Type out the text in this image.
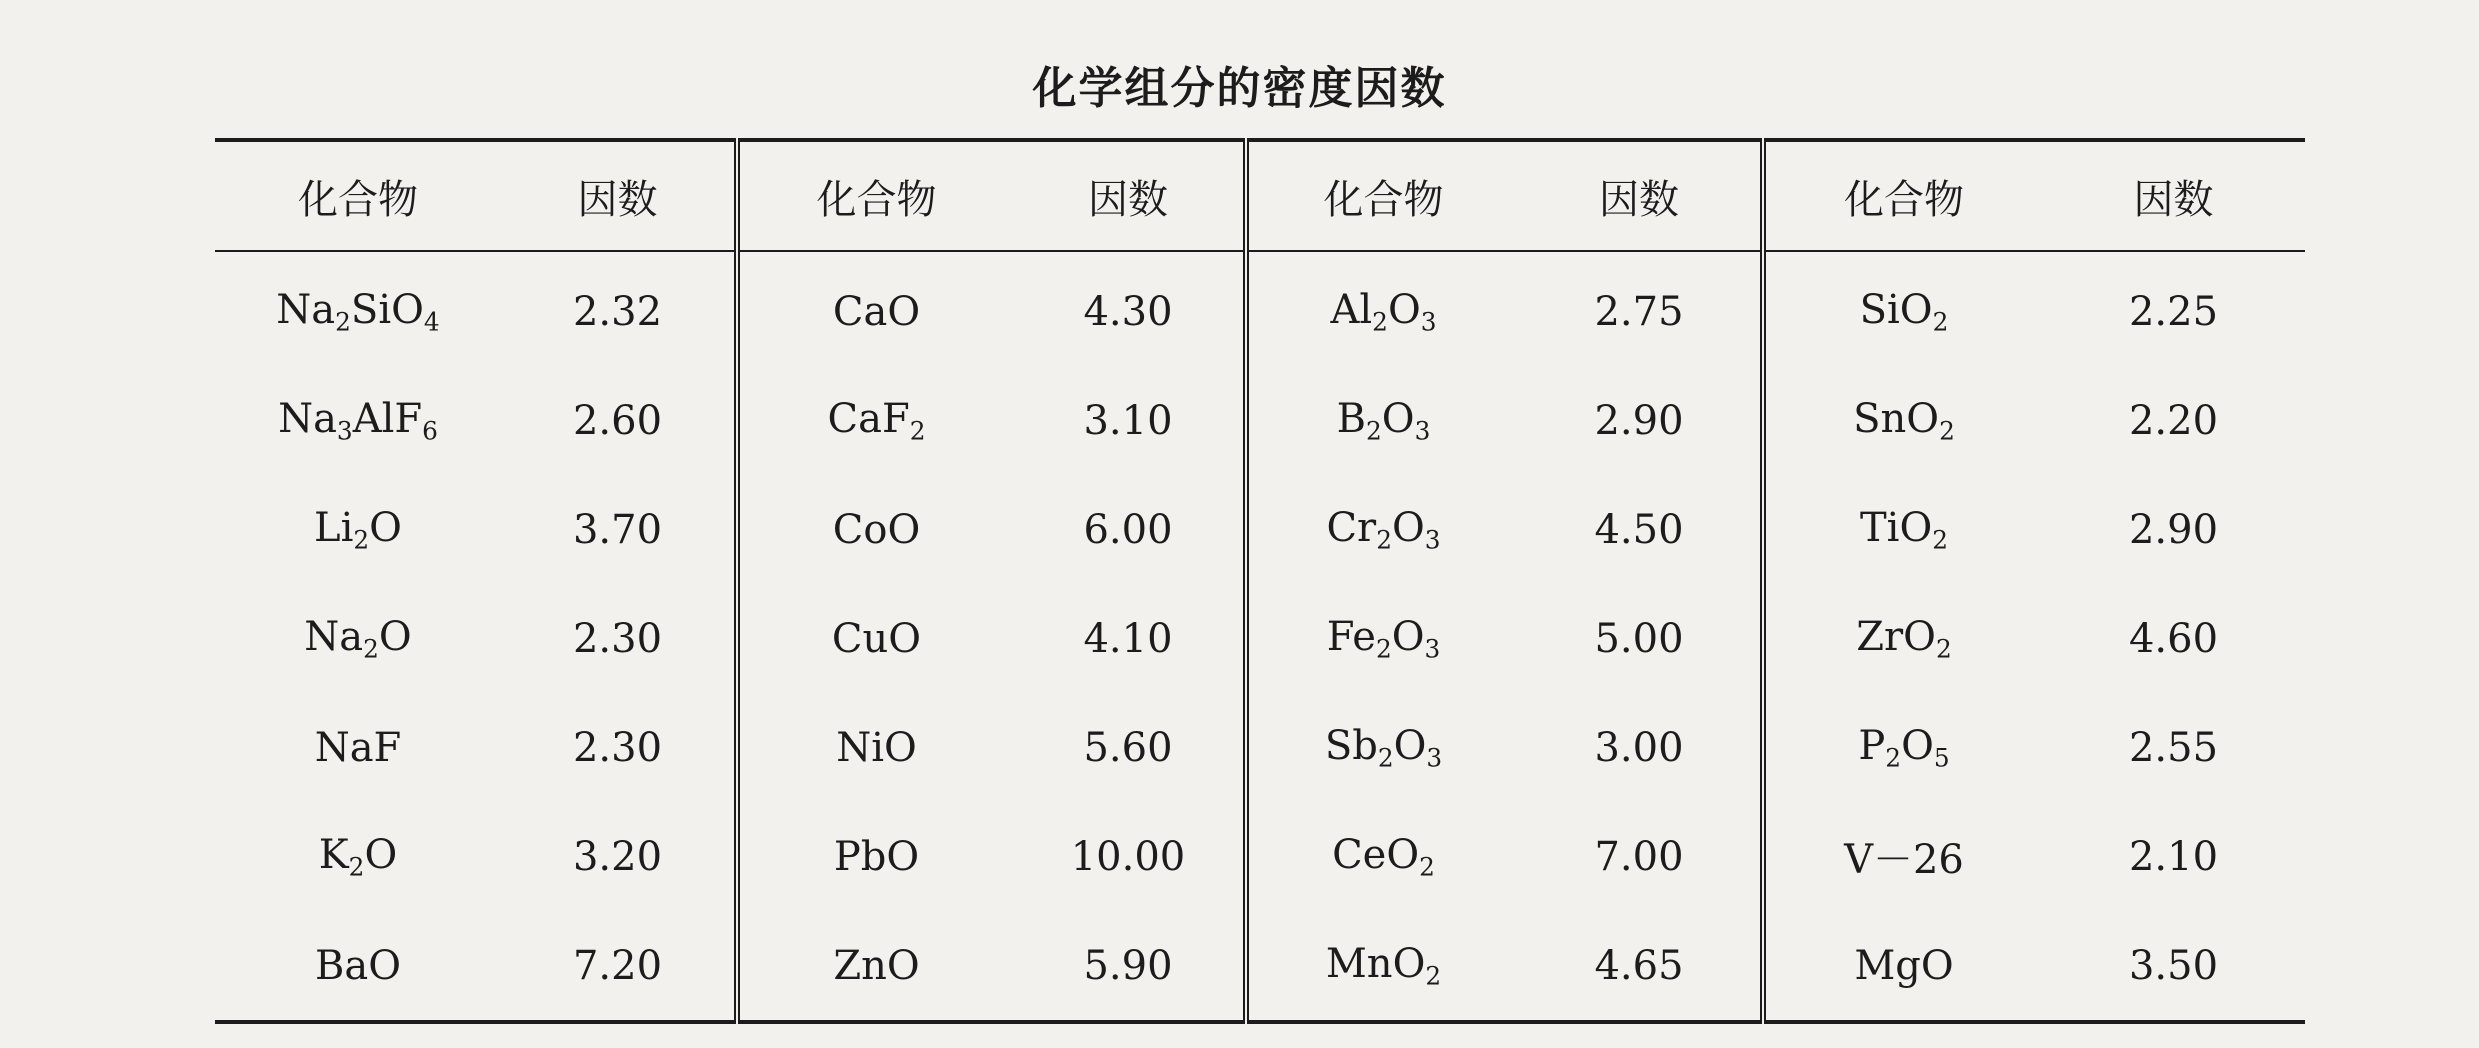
化学组分的密度因数
化合物	因数	化合物	因数	化合物	因数	化合物	因数
$Na_2SiO_4$	2.32	CaO	4.30	$Al_2O_3$	2.75	SiO$_2$	2.25
$Na_3AlF_6$	2.60	CaF$_2$	3.10	$B_2O_3$	2.90	SnO$_2$	2.20
$Li_2O$	3.70	CoO	6.00	$Cr_2O_3$	4.50	TiO$_2$	2.90
$Na_2O$	2.30	CuO	4.10	$Fe_2O_3$	5.00	ZrO$_2$	4.60
NaF	2.30	NiO	5.60	$Sb_2O_3$	3.00	$P_2O_5$	2.55
$K_2O$	3.20	PbO	10.00	CeO$_2$	7.00	V－26	2.10
BaO	7.20	ZnO	5.90	MnO$_2$	4.65	MgO	3.50
